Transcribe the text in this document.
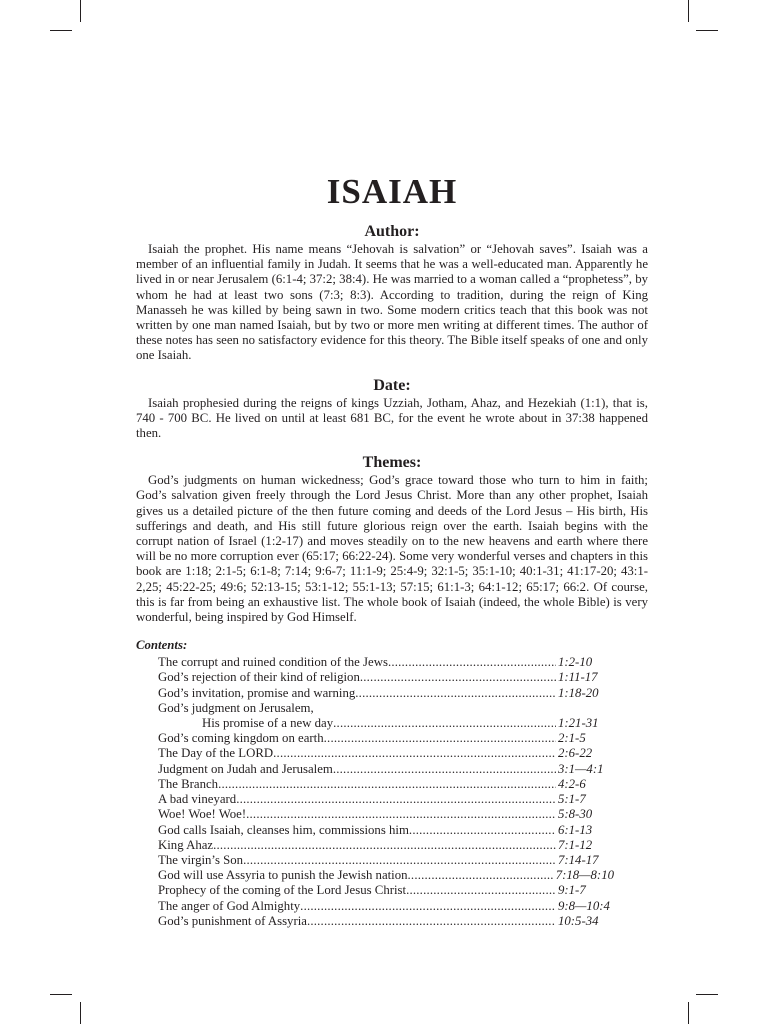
ISAIAH
Author:

Isaiah the prophet. His name means “Jehovah is salvation” or “Jehovah saves”. Isaiah was a member of an influential family in Judah. It seems that he was a well-educated man. Apparently he lived in or near Jerusalem (6:1-4; 37:2; 38:4). He was married to a woman called a “prophetess”, by whom he had at least two sons (7:3; 8:3). According to tradition, during the reign of King Manasseh he was killed by being sawn in two. Some modern critics teach that this book was not written by one man named Isaiah, but by two or more men writing at different times. The author of these notes has seen no satisfactory evidence for this theory. The Bible itself speaks of one and only one Isaiah.

Date:

Isaiah prophesied during the reigns of kings Uzziah, Jotham, Ahaz, and Hezekiah (1:1), that is, 740 - 700 BC. He lived on until at least 681 BC, for the event he wrote about in 37:38 happened then.

Themes:

God’s judgments on human wickedness; God’s grace toward those who turn to him in faith; God’s salvation given freely through the Lord Jesus Christ. More than any other prophet, Isaiah gives us a detailed picture of the then future coming and deeds of the Lord Jesus – His birth, His sufferings and death, and His still future glorious reign over the earth. Isaiah begins with the corrupt nation of Israel (1:2-17) and moves steadily on to the new heavens and earth where there will be no more corruption ever (65:17; 66:22-24). Some very wonderful verses and chapters in this book are 1:18; 2:1-5; 6:1-8; 7:14; 9:6-7; 11:1-9; 25:4-9; 32:1-5; 35:1-10; 40:1-31; 41:17-20; 43:1-2,25; 45:22-25; 49:6; 52:13-15; 53:1-12; 55:1-13; 57:15; 61:1-3; 64:1-12; 65:17; 66:2. Of course, this is far from being an exhaustive list. The whole book of Isaiah (indeed, the whole Bible) is very wonderful, being inspired by God Himself.

Contents:
The corrupt and ruined condition of the Jews .....	1:2-10
God’s rejection of their kind of religion .....	1:11-17
God’s invitation, promise and warning .....	1:18-20
God’s judgment on Jerusalem,
His promise of a new day .....	1:21-31
God’s coming kingdom on earth .....	2:1-5
The Day of the LORD .....	2:6-22
Judgment on Judah and Jerusalem .....	3:1—4:1
The Branch .....	4:2-6
A bad vineyard .....	5:1-7
Woe! Woe! Woe! .....	5:8-30
God calls Isaiah, cleanses him, commissions him .....	6:1-13
King Ahaz .....	7:1-12
The virgin’s Son .....	7:14-17
God will use Assyria to punish the Jewish nation .....	7:18—8:10
Prophecy of the coming of the Lord Jesus Christ .....	9:1-7
The anger of God Almighty .....	9:8—10:4
God’s punishment of Assyria .....	10:5-34
